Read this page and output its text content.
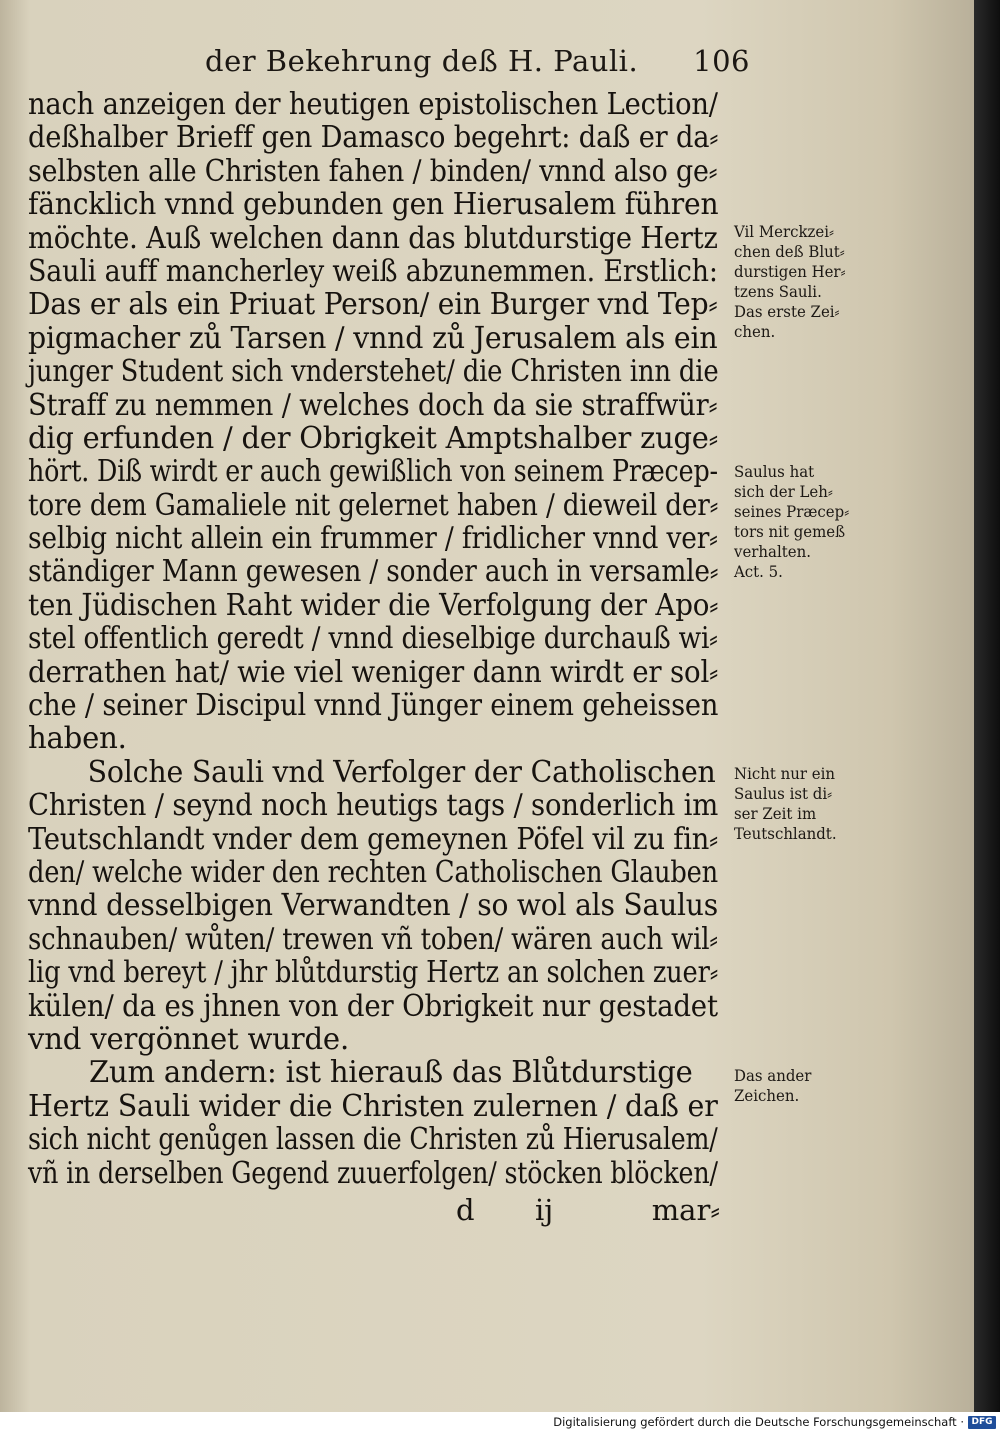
der Bekehrung deß H. Pauli. 106
nach anzeigen der heutigen epistolischen Lection/
deßhalber Brieff gen Damasco begehrt: daß er da⸗
selbsten alle Christen fahen / binden/ vnnd also ge⸗
fäncklich vnnd gebunden gen Hierusalem führen
möchte. Auß welchen dann das blutdurstige Hertz
Sauli auff mancherley weiß abzunemmen. Erstlich:
Das er als ein Priuat Person/ ein Burger vnd Tep⸗
pigmacher zů Tarsen / vnnd zů Jerusalem als ein
junger Student sich vnderstehet/ die Christen inn die
Straff zu nemmen / welches doch da sie straffwür⸗
dig erfunden / der Obrigkeit Amptshalber zuge⸗
hört. Diß wirdt er auch gewißlich von seinem Præcep-
tore dem Gamaliele nit gelernet haben / dieweil der⸗
selbig nicht allein ein frummer / fridlicher vnnd ver⸗
ständiger Mann gewesen / sonder auch in versamle⸗
ten Jüdischen Raht wider die Verfolgung der Apo⸗
stel offentlich geredt / vnnd dieselbige durchauß wi⸗
derrathen hat/ wie viel weniger dann wirdt er sol⸗
che / seiner Discipul vnnd Jünger einem geheissen
haben.
Solche Sauli vnd Verfolger der Catholischen
Christen / seynd noch heutigs tags / sonderlich im
Teutschlandt vnder dem gemeynen Pöfel vil zu fin⸗
den/ welche wider den rechten Catholischen Glauben
vnnd desselbigen Verwandten / so wol als Saulus
schnauben/ wůten/ trewen vñ toben/ wären auch wil⸗
lig vnd bereyt / jhr blůtdurstig Hertz an solchen zuer⸗
külen/ da es jhnen von der Obrigkeit nur gestadet
vnd vergönnet wurde.
Zum andern: ist hierauß das Blůtdurstige
Hertz Sauli wider die Christen zulernen / daß er
sich nicht genůgen lassen die Christen zů Hierusalem/
vñ in derselben Gegend zuuerfolgen/ stöcken blöcken/
d ij	mar⸗
Vil Merckzei⸗
chen deß Blut⸗
durstigen Her⸗
tzens Sauli.
Das erste Zei⸗
chen.
Saulus hat
sich der Leh⸗
seines Præcep⸗
tors nit gemeß
verhalten.
Act. 5.
Nicht nur ein
Saulus ist di⸗
ser Zeit im
Teutschlandt.
Das ander
Zeichen.
Digitalisierung gefördert durch die Deutsche Forschungsgemeinschaft · DFG
